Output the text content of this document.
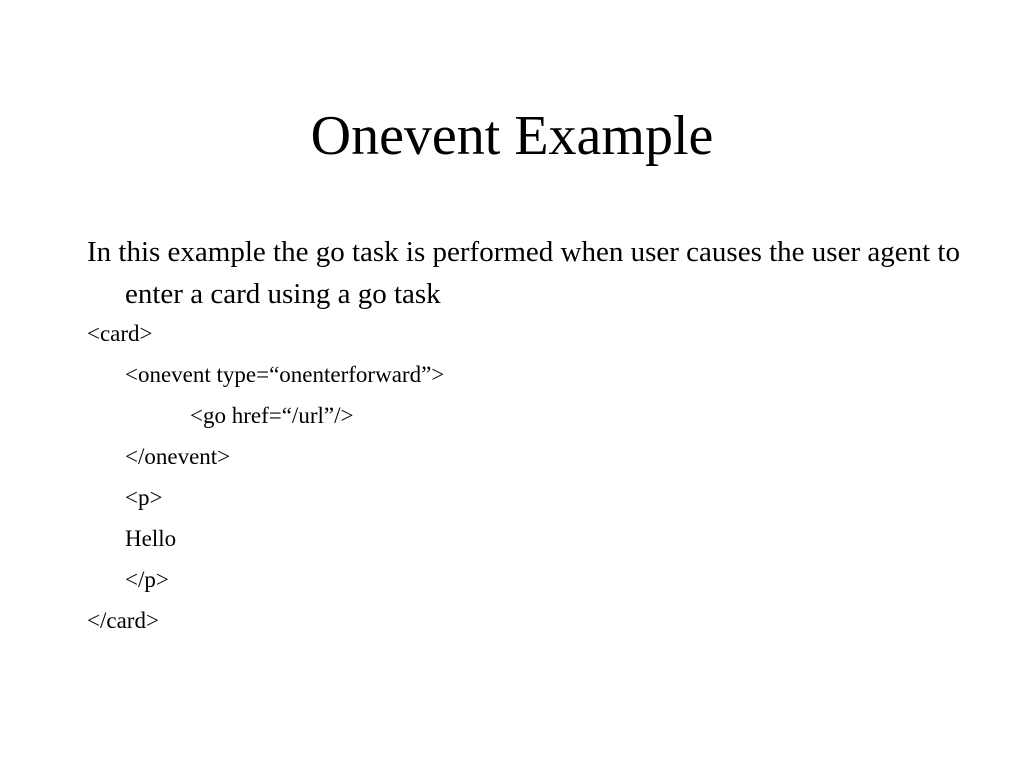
Onevent Example

In this example the go task is performed when user causes the user agent to enter a card using a go task

<card>
<onevent type=“onenterforward”>
<go href=“/url”/>
</onevent>
<p>
Hello
</p>
</card>
